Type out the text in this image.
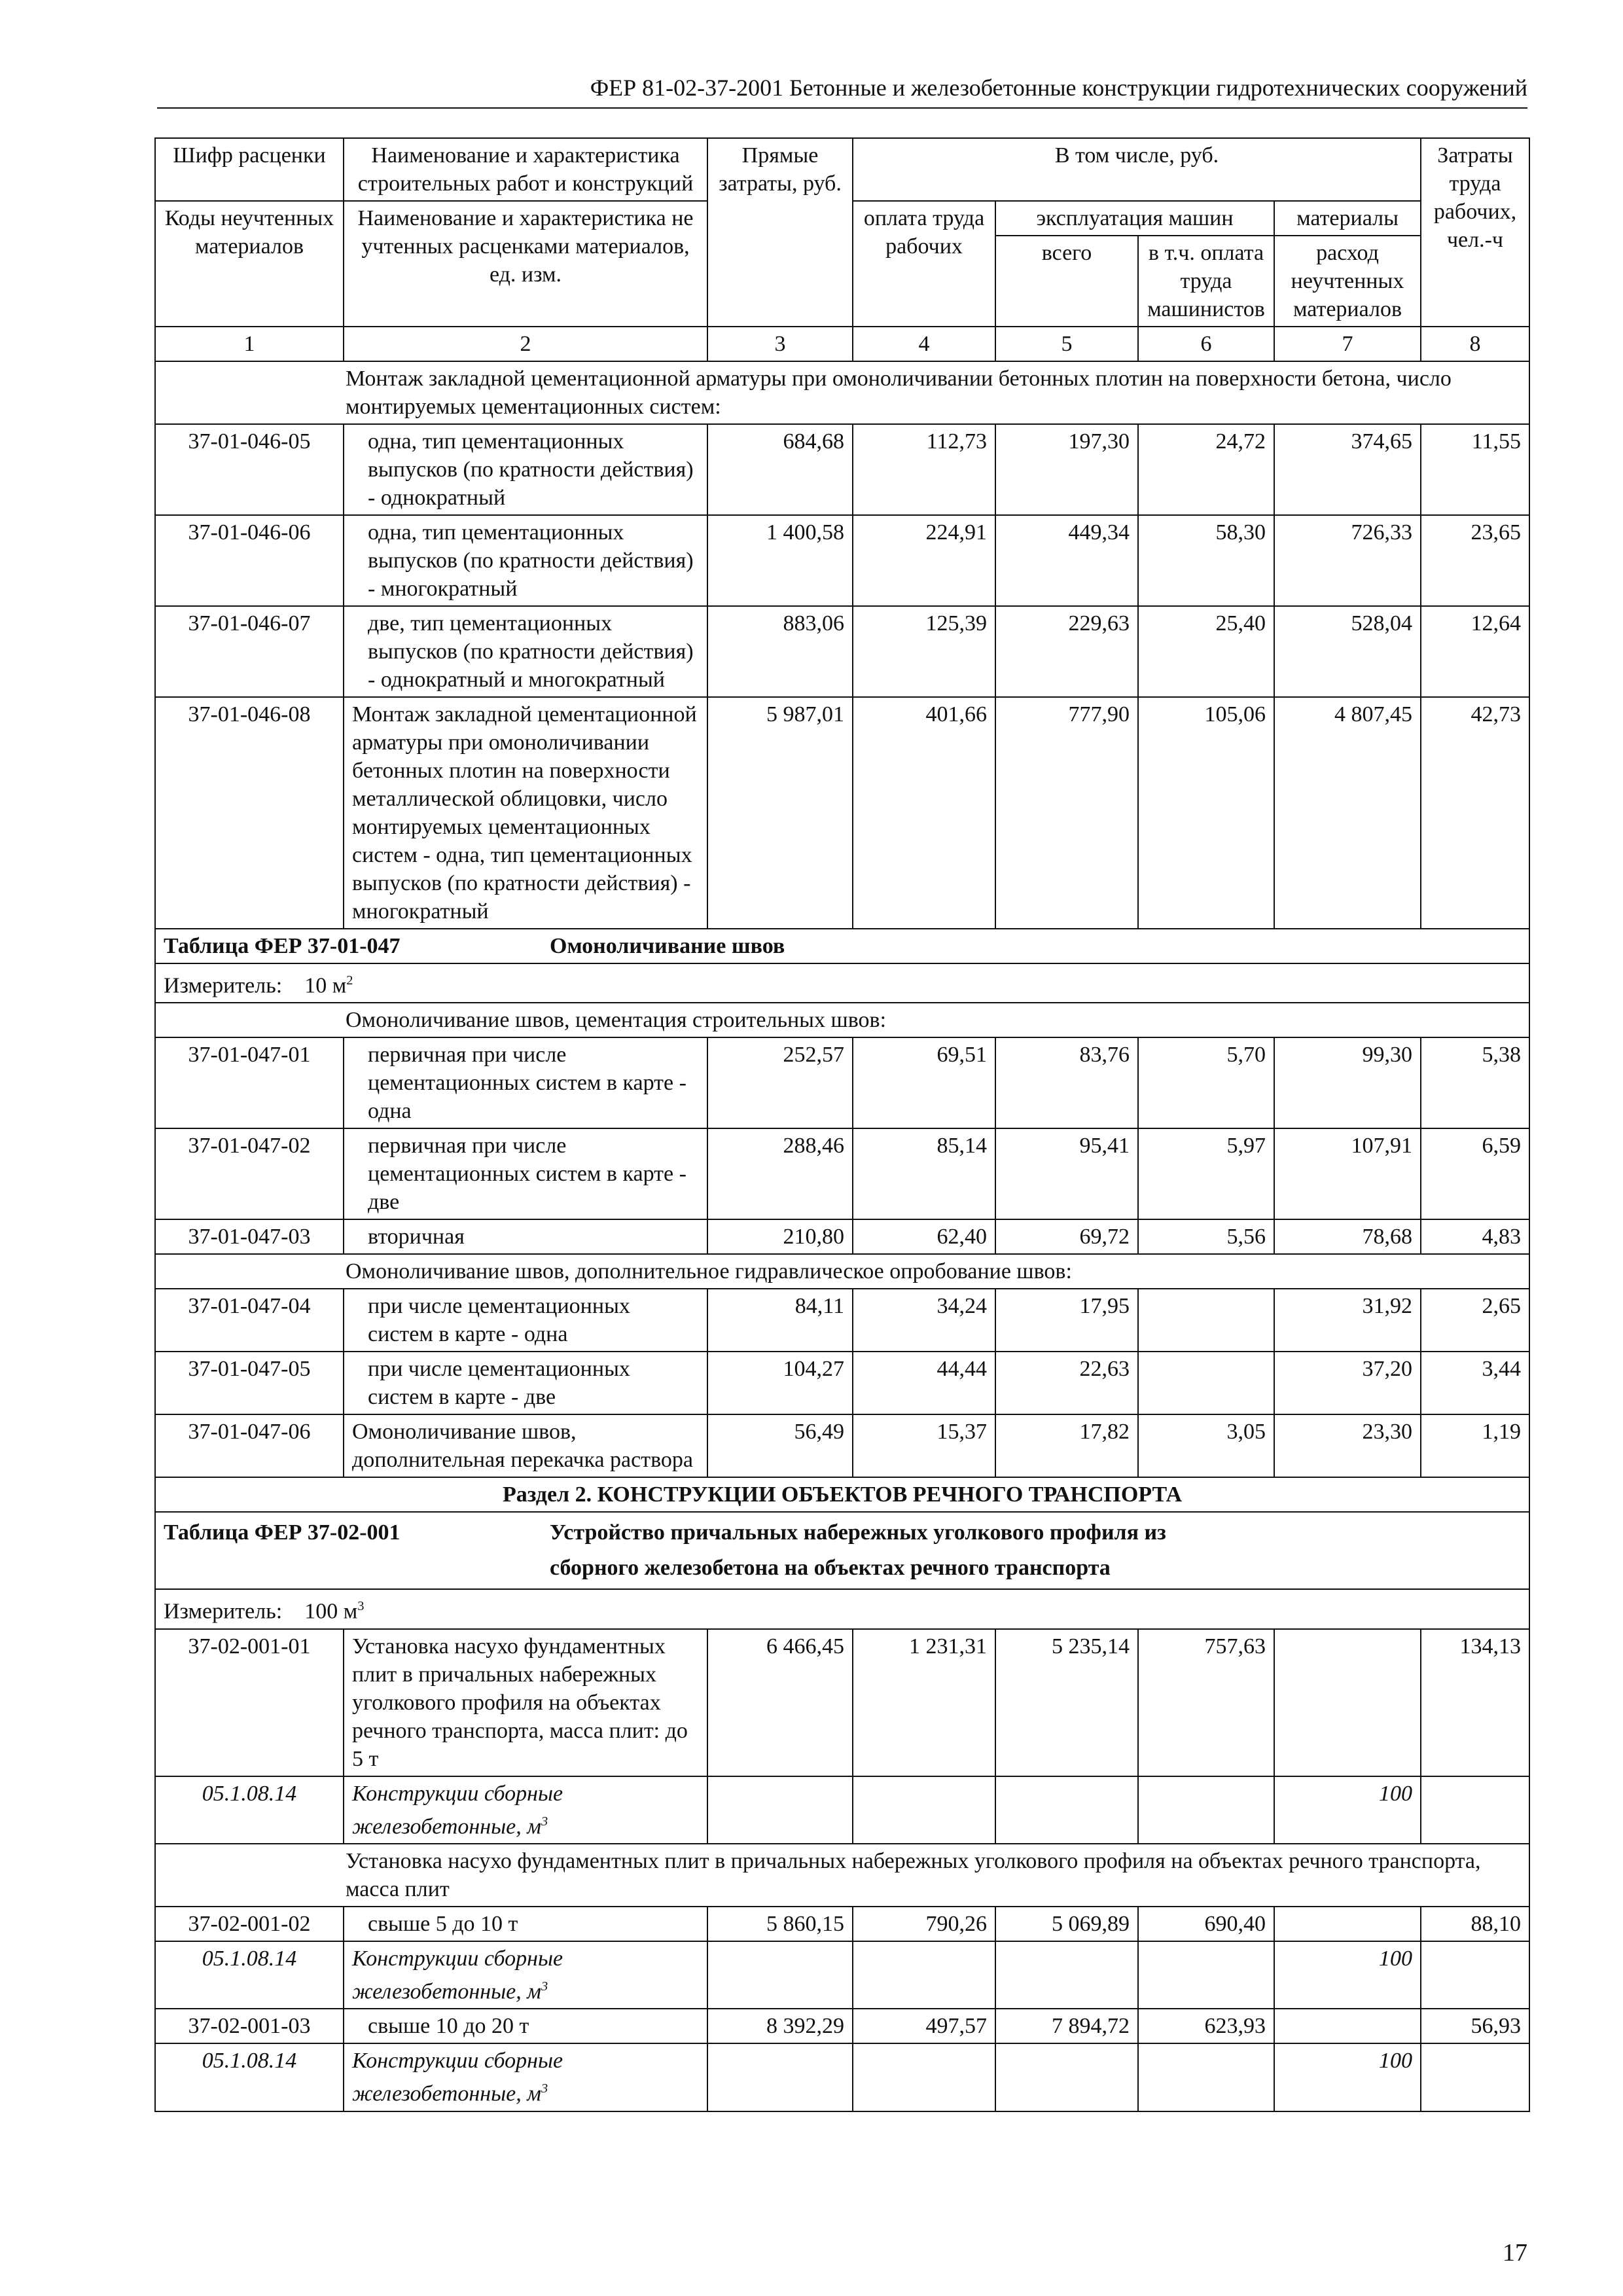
ФЕР 81-02-37-2001 Бетонные и железобетонные конструкции гидротехнических сооружений
Шифр расценки	Наименование и характеристика строительных работ и конструкций	Прямые затраты, руб.	В том числе, руб.				Затраты труда рабочих, чел.-ч
Коды неучтенных материалов	Наименование и характеристика не учтенных расценками материалов, ед. изм.		оплата труда рабочих	эксплуатация машин		материалы	
				всего	в т.ч. оплата труда машинистов	расход неучтенных материалов	
1	2	3	4	5	6	7	8
Монтаж закладной цементационной арматуры при омоноличивании бетонных плотин на поверхности бетона, число монтируемых цементационных систем:							
37-01-046-05	одна, тип цементационных выпусков (по кратности действия) - однократный	684,68	112,73	197,30	24,72	374,65	11,55
37-01-046-06	одна, тип цементационных выпусков (по кратности действия) - многократный	1 400,58	224,91	449,34	58,30	726,33	23,65
37-01-046-07	две, тип цементационных выпусков (по кратности действия) - однократный и многократный	883,06	125,39	229,63	25,40	528,04	12,64
37-01-046-08	Монтаж закладной цементационной арматуры при омоноличивании бетонных плотин на поверхности металлической облицовки, число монтируемых цементационных систем - одна, тип цементационных выпусков (по кратности действия) - многократный	5 987,01	401,66	777,90	105,06	4 807,45	42,73
Таблица ФЕР 37-01-047 Омоноличивание швов							
Измеритель: 10 $м^2$
Омоноличивание швов, цементация строительных швов:							
37-01-047-01	первичная при числе цементационных систем в карте - одна	252,57	69,51	83,76	5,70	99,30	5,38
37-01-047-02	первичная при числе цементационных систем в карте - две	288,46	85,14	95,41	5,97	107,91	6,59
37-01-047-03	вторичная	210,80	62,40	69,72	5,56	78,68	4,83
Омоноличивание швов, дополнительное гидравлическое опробование швов:							
37-01-047-04	при числе цементационных систем в карте - одна	84,11	34,24	17,95		31,92	2,65
37-01-047-05	при числе цементационных систем в карте - две	104,27	44,44	22,63		37,20	3,44
37-01-047-06	Омоноличивание швов, дополнительная перекачка раствора	56,49	15,37	17,82	3,05	23,30	1,19
Раздел 2. КОНСТРУКЦИИ ОБЪЕКТОВ РЕЧНОГО ТРАНСПОРТА							

Таблица ФЕР 37-02-001 Устройство причальных набережных уголкового профиля из
сборного железобетона на объектах речного транспорта							

Измеритель: 100 $м^3$
37-02-001-01	Установка насухо фундаментных плит в причальных набережных уголкового профиля на объектах речного транспорта, масса плит: до 5 т	6 466,45	1 231,31	5 235,14	757,63		134,13
05.1.08.14	Конструкции сборные железобетонные, $м^3$					100	
Установка насухо фундаментных плит в причальных набережных уголкового профиля на объектах речного транспорта, масса плит							
37-02-001-02	свыше 5 до 10 т	5 860,15	790,26	5 069,89	690,40		88,10
05.1.08.14	Конструкции сборные железобетонные, $м^3$					100	
37-02-001-03	свыше 10 до 20 т	8 392,29	497,57	7 894,72	623,93		56,93
05.1.08.14	Конструкции сборные железобетонные, $м^3$					100	
17
